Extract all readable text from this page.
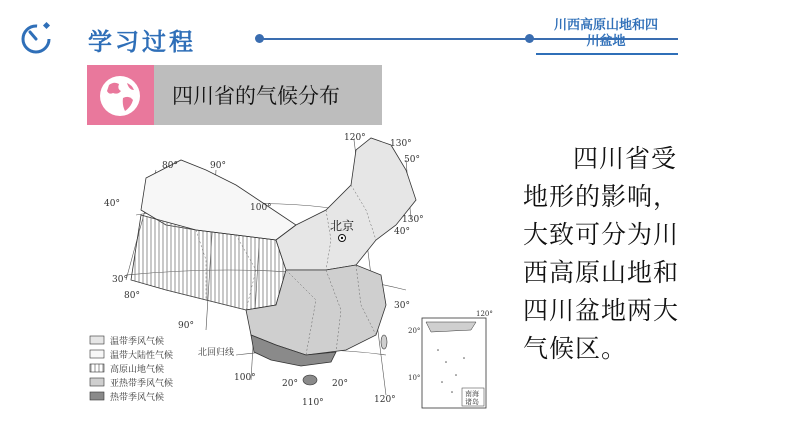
学习过程
川西高原山地和四
川盆地
四川省的气候分布
四川省受地形的影响，大致可分为川西高原山地和四川盆地两大气候区。
北京
北回归线
120°
130°
50°
80°	90°
40°	100°
40°
130°
30°
80°
90°
30°
100°
20°	20°
110°	120°
南海
诸岛
120°
20°
10°
温带季风气候
温带大陆性气候
高原山地气候
亚热带季风气候
热带季风气候
